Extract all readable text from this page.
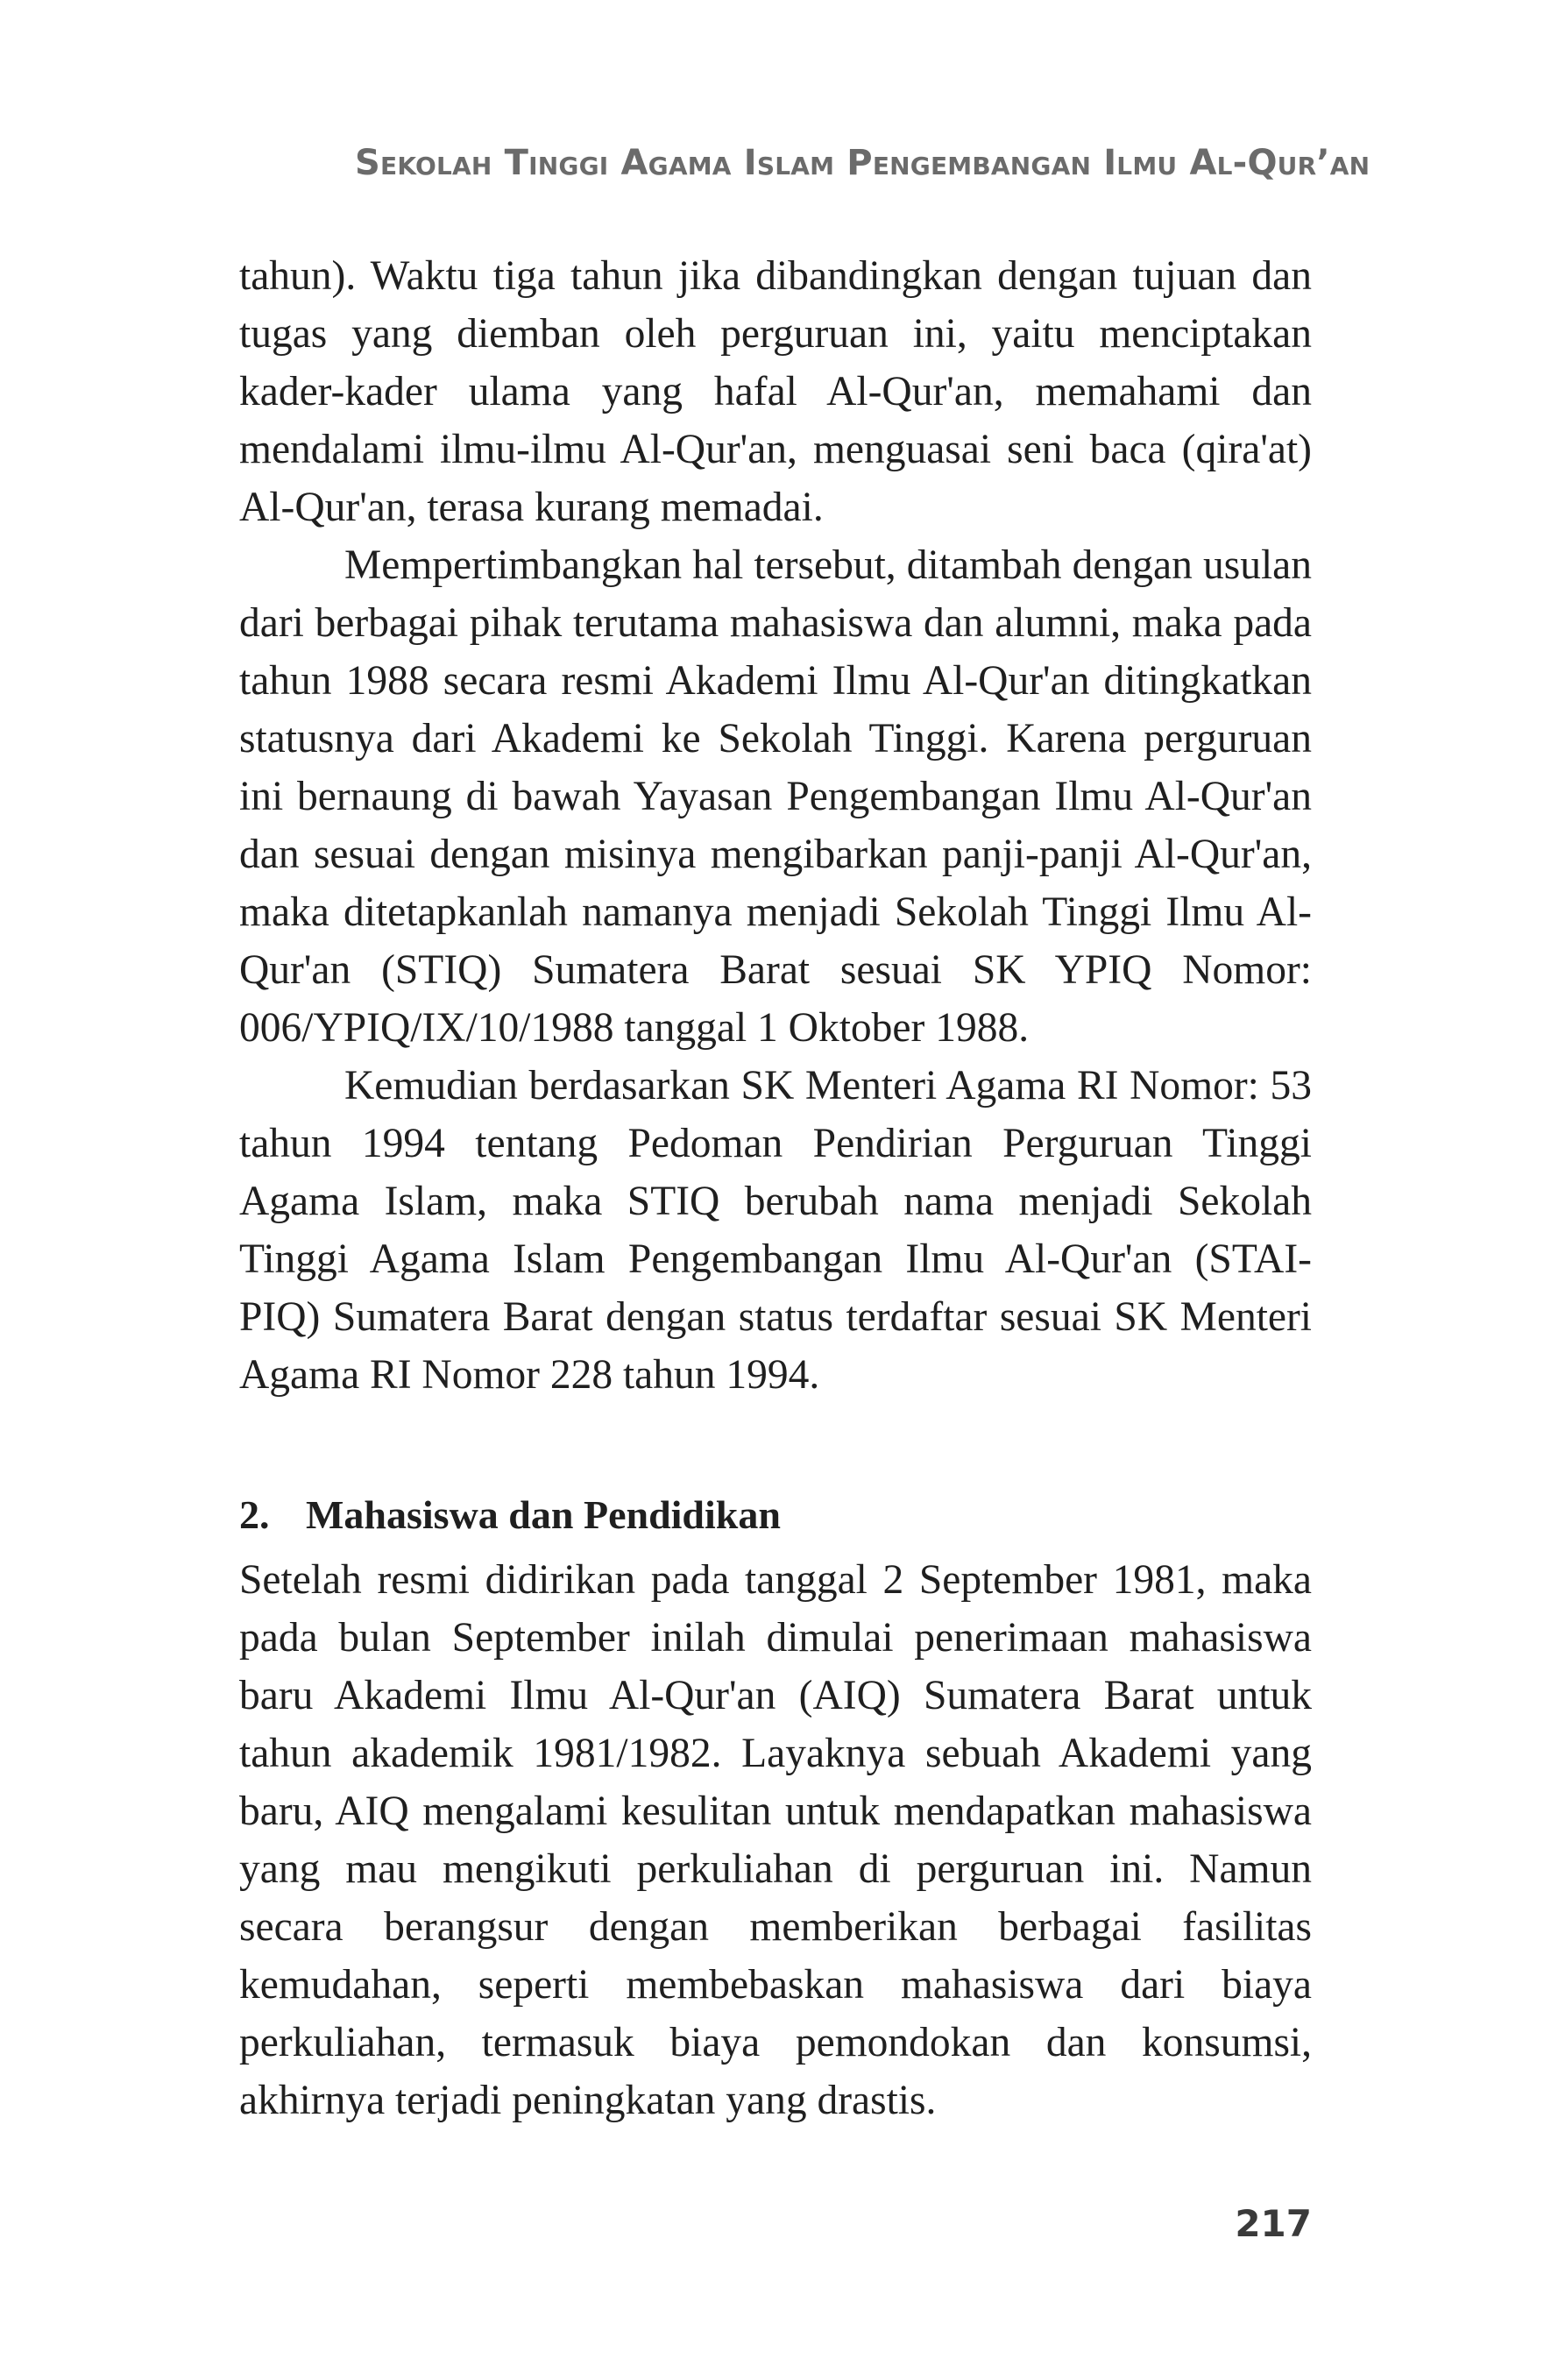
Sekolah Tinggi Agama Islam Pengembangan Ilmu Al-Qur’an

tahun). Waktu tiga tahun jika dibandingkan dengan tujuan dan tugas yang diemban oleh perguruan ini, yaitu menciptakan kader-kader ulama yang hafal Al-Qur'an, memahami dan mendalami ilmu-ilmu Al-Qur'an, menguasai seni baca (qira'at) Al-Qur'an, terasa kurang memadai.

Mempertimbangkan hal tersebut, ditambah dengan usulan dari berbagai pihak terutama mahasiswa dan alumni, maka pada tahun 1988 secara resmi Akademi Ilmu Al-Qur'an ditingkatkan statusnya dari Akademi ke Sekolah Tinggi. Karena perguruan ini bernaung di bawah Yayasan Pengembangan Ilmu Al-Qur'an dan sesuai dengan misinya mengibarkan panji-panji Al-Qur'an, maka ditetapkanlah namanya menjadi Sekolah Tinggi Ilmu Al-Qur'an (STIQ) Sumatera Barat sesuai SK YPIQ Nomor: 006/YPIQ/IX/10/1988 tanggal 1 Oktober 1988.

Kemudian berdasarkan SK Menteri Agama RI Nomor: 53 tahun 1994 tentang Pedoman Pendirian Perguruan Tinggi Agama Islam, maka STIQ berubah nama menjadi Sekolah Tinggi Agama Islam Pengembangan Ilmu Al-Qur'an (STAI-PIQ) Sumatera Barat dengan status terdaftar sesuai SK Menteri Agama RI Nomor 228 tahun 1994.

2. Mahasiswa dan Pendidikan

Setelah resmi didirikan pada tanggal 2 September 1981, maka pada bulan September inilah dimulai penerimaan mahasiswa baru Akademi Ilmu Al-Qur'an (AIQ) Sumatera Barat untuk tahun akademik 1981/1982. Layaknya sebuah Akademi yang baru, AIQ mengalami kesulitan untuk mendapatkan mahasiswa yang mau mengikuti perkuliahan di perguruan ini. Namun secara berangsur dengan memberikan berbagai fasilitas kemudahan, seperti membebaskan mahasiswa dari biaya perkuliahan, termasuk biaya pemondokan dan konsumsi, akhirnya terjadi peningkatan yang drastis.

217
